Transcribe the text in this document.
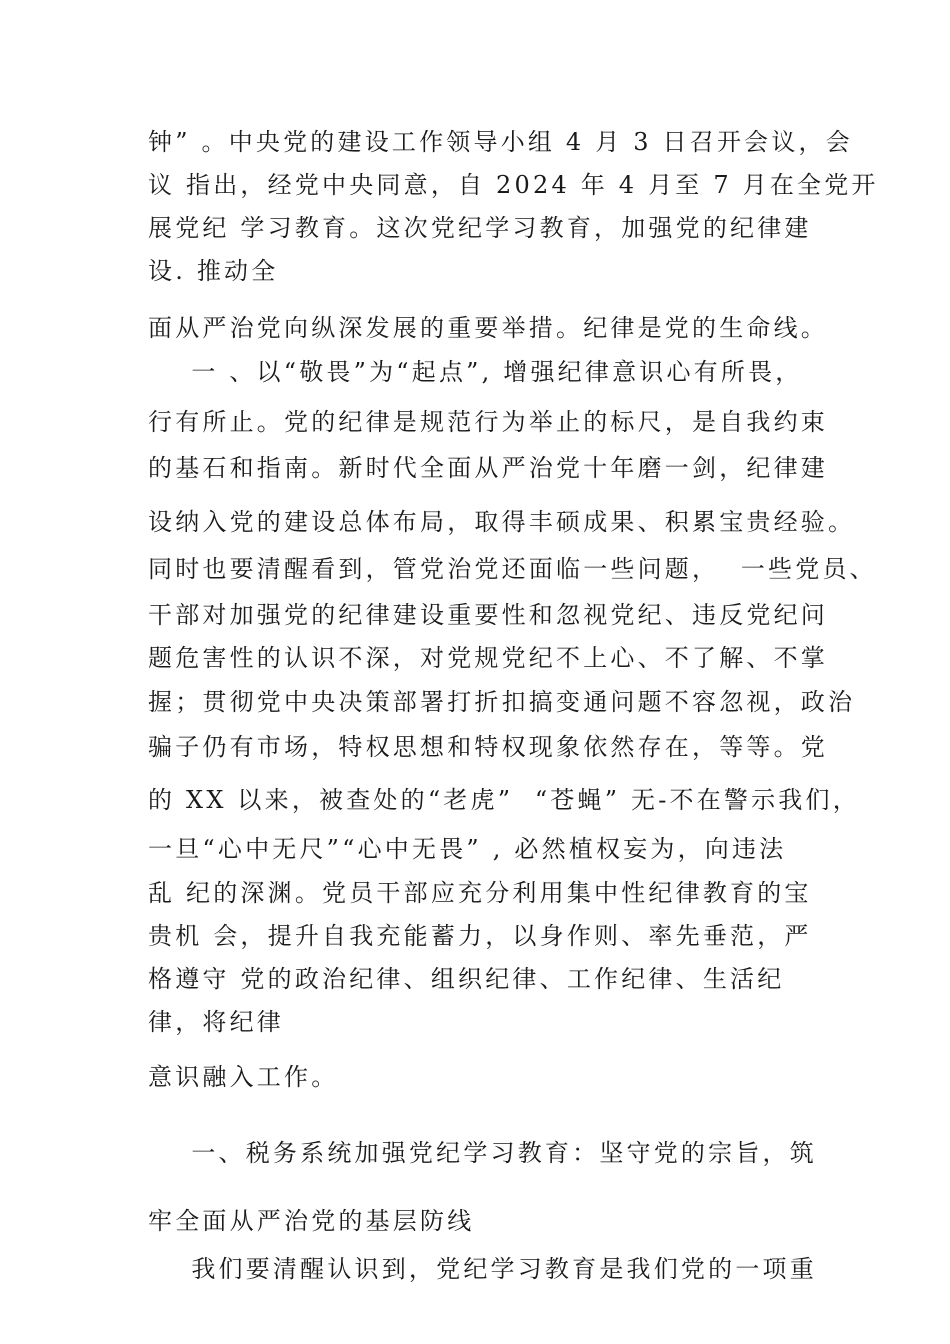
钟” 。中央党的建设工作领导小组 4 月 3 日召开会议，会

议 指出，经党中央同意，自 2024 年 4 月至 7 月在全党开

展党纪 学习教育。这次党纪学习教育，加强党的纪律建

设. 推动全

面从严治党向纵深发展的重要举措。纪律是党的生命线。

一 、以“敬畏”为“起点”, 增强纪律意识心有所畏，

行有所止。党的纪律是规范行为举止的标尺，是自我约束

的基石和指南。新时代全面从严治党十年磨一剑，纪律建

设纳入党的建设总体布局，取得丰硕成果、积累宝贵经验。

同时也要清醒看到，管党治党还面临一些问题，  一些党员、

干部对加强党的纪律建设重要性和忽视党纪、违反党纪问

题危害性的认识不深，对党规党纪不上心、不了解、不掌

握；贯彻党中央决策部署打折扣搞变通问题不容忽视，政治

骗子仍有市场，特权思想和特权现象依然存在，等等。党

的 XX 以来，被查处的“老虎”  “苍蝇” 无-不在警示我们，

一旦“心中无尺”“心中无畏” , 必然植权妄为，向违法

乱 纪的深渊。党员干部应充分利用集中性纪律教育的宝

贵机 会，提升自我充能蓄力，以身作则、率先垂范，严

格遵守 党的政治纪律、组织纪律、工作纪律、生活纪

律，将纪律

意识融入工作。

一、税务系统加强党纪学习教育：坚守党的宗旨，筑

牢全面从严治党的基层防线

我们要清醒认识到，党纪学习教育是我们党的一项重
